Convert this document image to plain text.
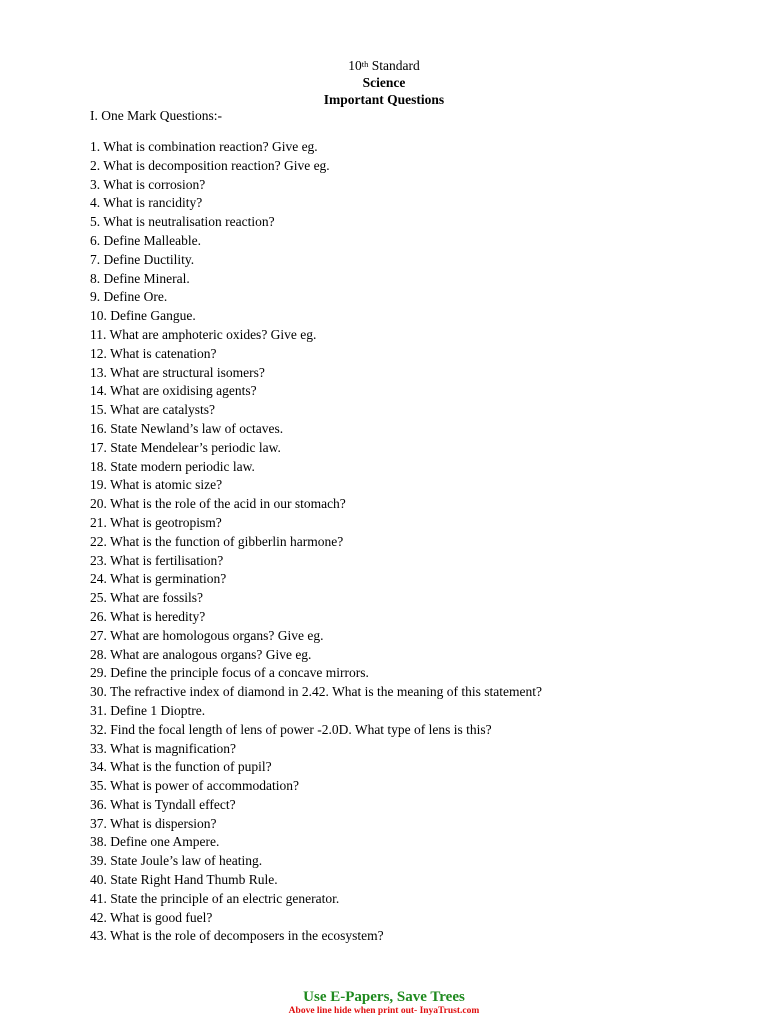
10th Standard
Science
Important Questions
I. One Mark Questions:-
1. What is combination reaction? Give eg.
2. What is decomposition reaction? Give eg.
3. What is corrosion?
4. What is rancidity?
5. What is neutralisation reaction?
6. Define Malleable.
7. Define Ductility.
8. Define Mineral.
9. Define Ore.
10. Define Gangue.
11. What are amphoteric oxides? Give eg.
12. What is catenation?
13. What are structural isomers?
14. What are oxidising agents?
15. What are catalysts?
16. State Newland’s law of octaves.
17. State Mendelear’s periodic law.
18. State modern periodic law.
19. What is atomic size?
20. What is the role of the acid in our stomach?
21. What is geotropism?
22. What is the function of gibberlin harmone?
23. What is fertilisation?
24. What is germination?
25. What are fossils?
26. What is heredity?
27. What are homologous organs? Give eg.
28. What are analogous organs? Give eg.
29. Define the principle focus of a concave mirrors.
30. The refractive index of diamond in 2.42. What is the meaning of this statement?
31. Define 1 Dioptre.
32. Find the focal length of lens of power -2.0D. What type of lens is this?
33. What is magnification?
34. What is the function of pupil?
35. What is power of accommodation?
36. What is Tyndall effect?
37. What is dispersion?
38. Define one Ampere.
39. State Joule’s law of heating.
40. State Right Hand Thumb Rule.
41. State the principle of an electric generator.
42. What is good fuel?
43. What is the role of decomposers in the ecosystem?
Use E-Papers, Save Trees
Above line hide when print out- InyaTrust.com
